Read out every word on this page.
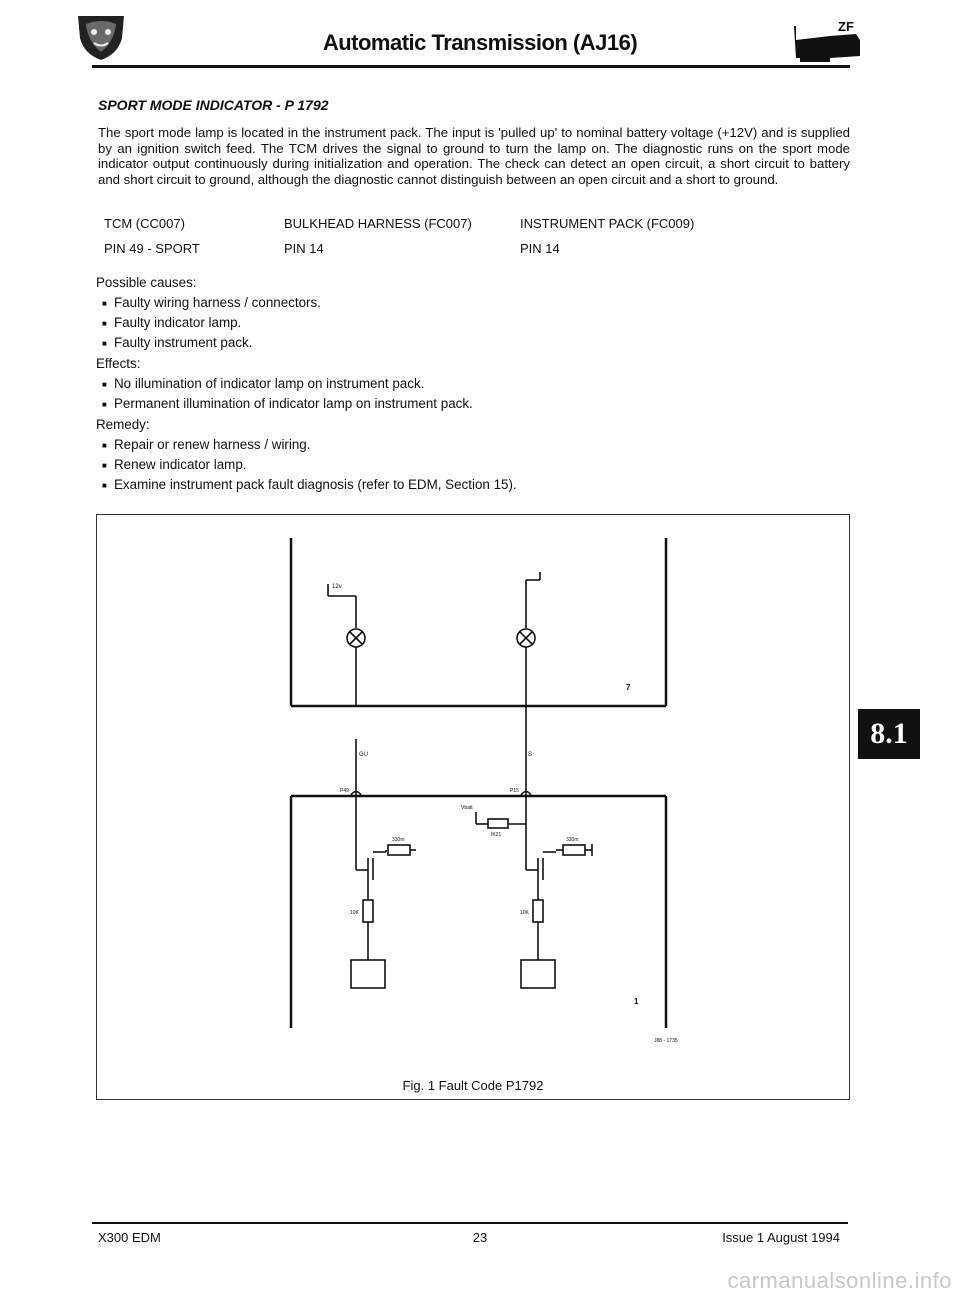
Automatic Transmission (AJ16)
ZF
SPORT MODE INDICATOR - P 1792
The sport mode lamp is located in the instrument pack. The input is 'pulled up' to nominal battery voltage (+12V) and is supplied by an ignition switch feed. The TCM drives the signal to ground to turn the lamp on. The diagnostic runs on the sport mode indicator output continuously during initialization and operation. The check can detect an open circuit, a short circuit to battery and short circuit to ground, although the diagnostic cannot distinguish between an open circuit and a short to ground.
TCM (CC007)	BULKHEAD HARNESS (FC007)	INSTRUMENT PACK (FC009)
PIN 49 - SPORT	PIN 14	PIN 14
Possible causes:
■ Faulty wiring harness / connectors.
■ Faulty indicator lamp.
■ Faulty instrument pack.
Effects:
■ No illumination of indicator lamp on instrument pack.
■ Permanent illumination of indicator lamp on instrument pack.
Remedy:
■ Repair or renew harness / wiring.
■ Renew indicator lamp.
■ Examine instrument pack fault diagnosis (refer to EDM, Section 15).
12v
7
GU	S
P49	P15
Vbatt
IK21
330m
10K
330m
10K
1
J88 - 1735
Fig. 1 Fault Code P1792
8.1
X300 EDM	23	Issue 1 August 1994
carmanualsonline.info
